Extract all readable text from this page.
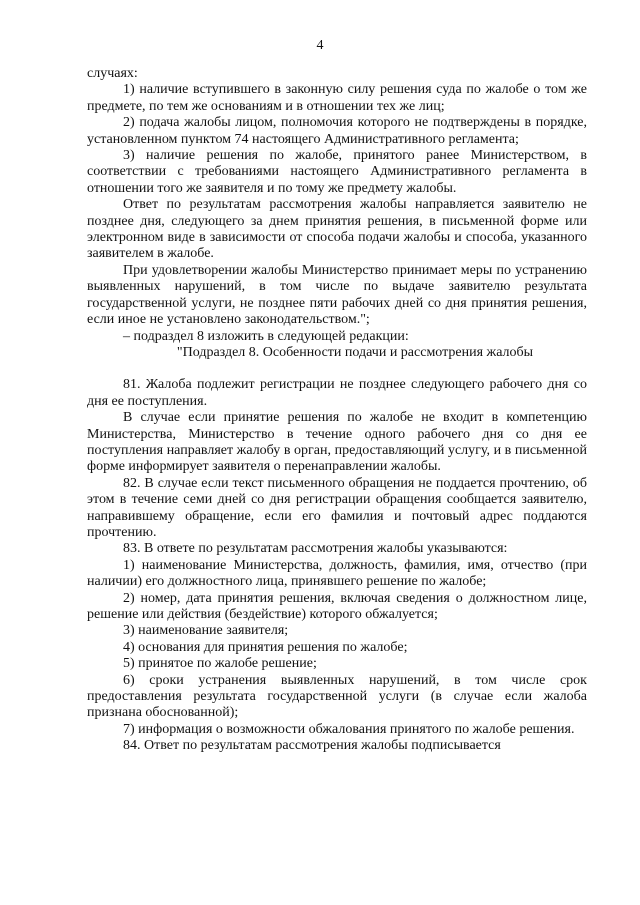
4

случаях:

1) наличие вступившего в законную силу решения суда по жалобе о том же предмете, по тем же основаниям и в отношении тех же лиц;

2) подача жалобы лицом, полномочия которого не подтверждены в порядке, установленном пунктом 74 настоящего Административного регламента;

3) наличие решения по жалобе, принятого ранее Министерством, в соответствии с требованиями настоящего Административного регламента в отношении того же заявителя и по тому же предмету жалобы.

Ответ по результатам рассмотрения жалобы направляется заявителю не позднее дня, следующего за днем принятия решения, в письменной форме или электронном виде в зависимости от способа подачи жалобы и способа, указанного заявителем в жалобе.

При удовлетворении жалобы Министерство принимает меры по устранению выявленных нарушений, в том числе по выдаче заявителю результата государственной услуги, не позднее пяти рабочих дней со дня принятия решения, если иное не установлено законодательством.";

– подраздел 8 изложить в следующей редакции:

"Подраздел 8. Особенности подачи и рассмотрения жалобы

81. Жалоба подлежит регистрации не позднее следующего рабочего дня со дня ее поступления.

В случае если принятие решения по жалобе не входит в компетенцию Министерства, Министерство в течение одного рабочего дня со дня ее поступления направляет жалобу в орган, предоставляющий услугу, и в письменной форме информирует заявителя о перенаправлении жалобы.

82. В случае если текст письменного обращения не поддается прочтению, об этом в течение семи дней со дня регистрации обращения сообщается заявителю, направившему обращение, если его фамилия и почтовый адрес поддаются прочтению.

83. В ответе по результатам рассмотрения жалобы указываются:

1) наименование Министерства, должность, фамилия, имя, отчество (при наличии) его должностного лица, принявшего решение по жалобе;

2) номер, дата принятия решения, включая сведения о должностном лице, решение или действия (бездействие) которого обжалуется;

3) наименование заявителя;

4) основания для принятия решения по жалобе;

5) принятое по жалобе решение;

6) сроки устранения выявленных нарушений, в том числе срок предоставления результата государственной услуги (в случае если жалоба признана обоснованной);

7) информация о возможности обжалования принятого по жалобе решения.

84. Ответ по результатам рассмотрения жалобы подписывается
